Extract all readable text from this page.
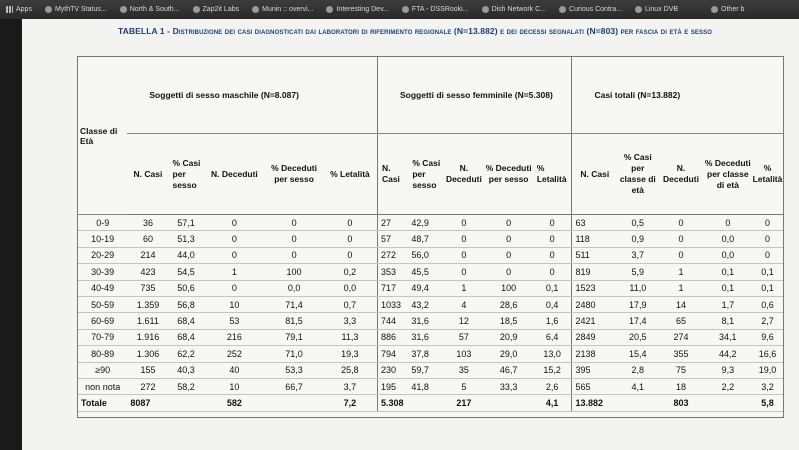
Apps	MythTV Status...	North & South...	Zap2it Labs	Munin :: overvi...	Interesting Dev...	FTA - DSSRooki...	Dish Network C...	Curious Contra...	Linux DVB	Other b
TABELLA 1 - Distribuzione dei casi diagnosticati dai laboratori di riferimento regionale (N=13.882) e dei decessi segnalati (N=803) per fascia di età e sesso
Classe di Età	Soggetti di sesso maschile (N=8.087)					Soggetti di sesso femminile (N=5.308)					Casi totali (N=13.882)				
	N. Casi	% Casi per sesso	N. Deceduti	% Deceduti per sesso	% Letalità	N. Casi	% Casi per sesso	N. Deceduti	% Deceduti per sesso	% Letalità	N. Casi	% Casi per classe di età	N. Deceduti	% Deceduti per classe di età	% Letalità
0-9	36	57,1	0	0	0	27	42,9	0	0	0	63	0,5	0	0	0
10-19	60	51,3	0	0	0	57	48,7	0	0	0	118	0,9	0	0,0	0
20-29	214	44,0	0	0	0	272	56,0	0	0	0	511	3,7	0	0,0	0
30-39	423	54,5	1	100	0,2	353	45,5	0	0	0	819	5,9	1	0,1	0,1
40-49	735	50,6	0	0,0	0,0	717	49,4	1	100	0,1	1523	11,0	1	0,1	0,1
50-59	1.359	56,8	10	71,4	0,7	1033	43,2	4	28,6	0,4	2480	17,9	14	1,7	0,6
60-69	1.611	68,4	53	81,5	3,3	744	31,6	12	18,5	1,6	2421	17,4	65	8,1	2,7
70-79	1.916	68,4	216	79,1	11,3	886	31,6	57	20,9	6,4	2849	20,5	274	34,1	9,6
80-89	1.306	62,2	252	71,0	19,3	794	37,8	103	29,0	13,0	2138	15,4	355	44,2	16,6
≥90	155	40,3	40	53,3	25,8	230	59,7	35	46,7	15,2	395	2,8	75	9,3	19,0
non nota	272	58,2	10	66,7	3,7	195	41,8	5	33,3	2,6	565	4,1	18	2,2	3,2
Totale	8087		582		7,2	5.308		217		4,1	13.882		803		5,8
